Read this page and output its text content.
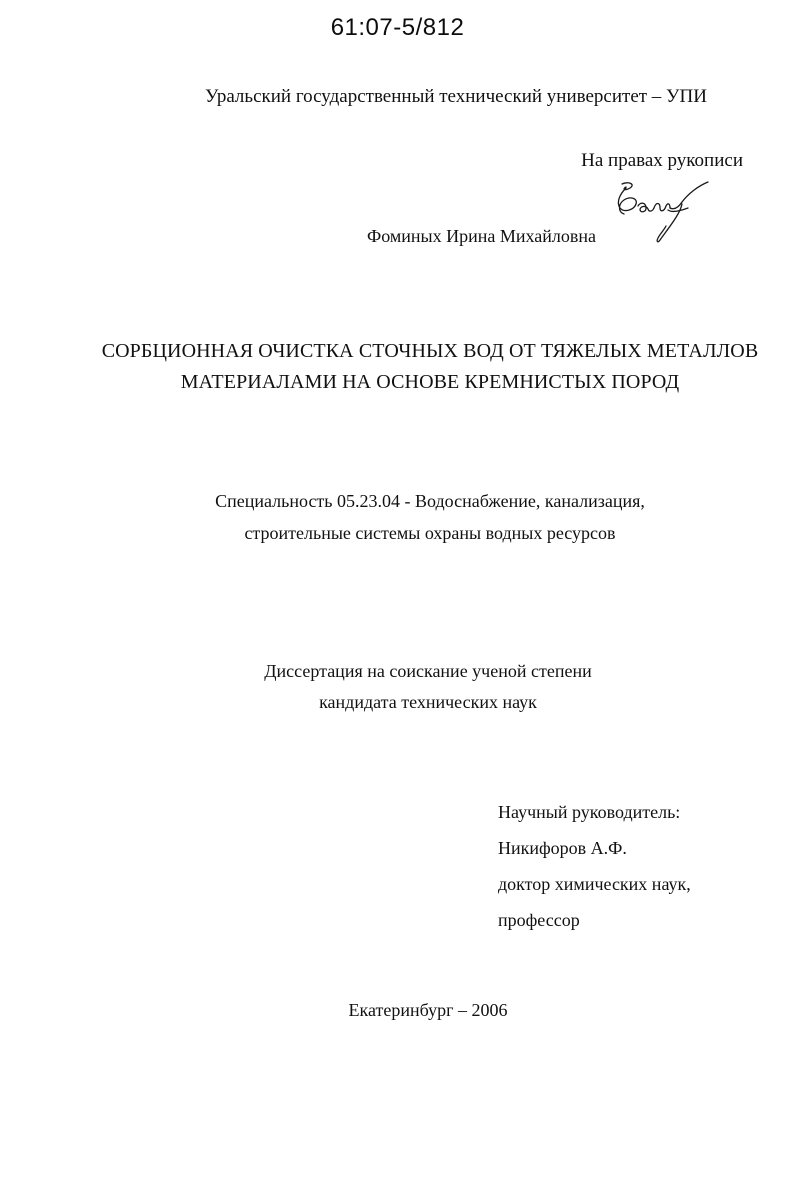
61:07-5/812
Уральский государственный технический университет – УПИ
На правах рукописи
Фоминых Ирина Михайловна
СОРБЦИОННАЯ ОЧИСТКА СТОЧНЫХ ВОД ОТ ТЯЖЕЛЫХ МЕТАЛЛОВ
МАТЕРИАЛАМИ НА ОСНОВЕ КРЕМНИСТЫХ ПОРОД
Специальность 05.23.04 - Водоснабжение, канализация,
строительные системы охраны водных ресурсов
Диссертация на соискание ученой степени
кандидата технических наук
Научный руководитель:
Никифоров А.Ф.
доктор химических наук,
профессор
Екатеринбург – 2006
